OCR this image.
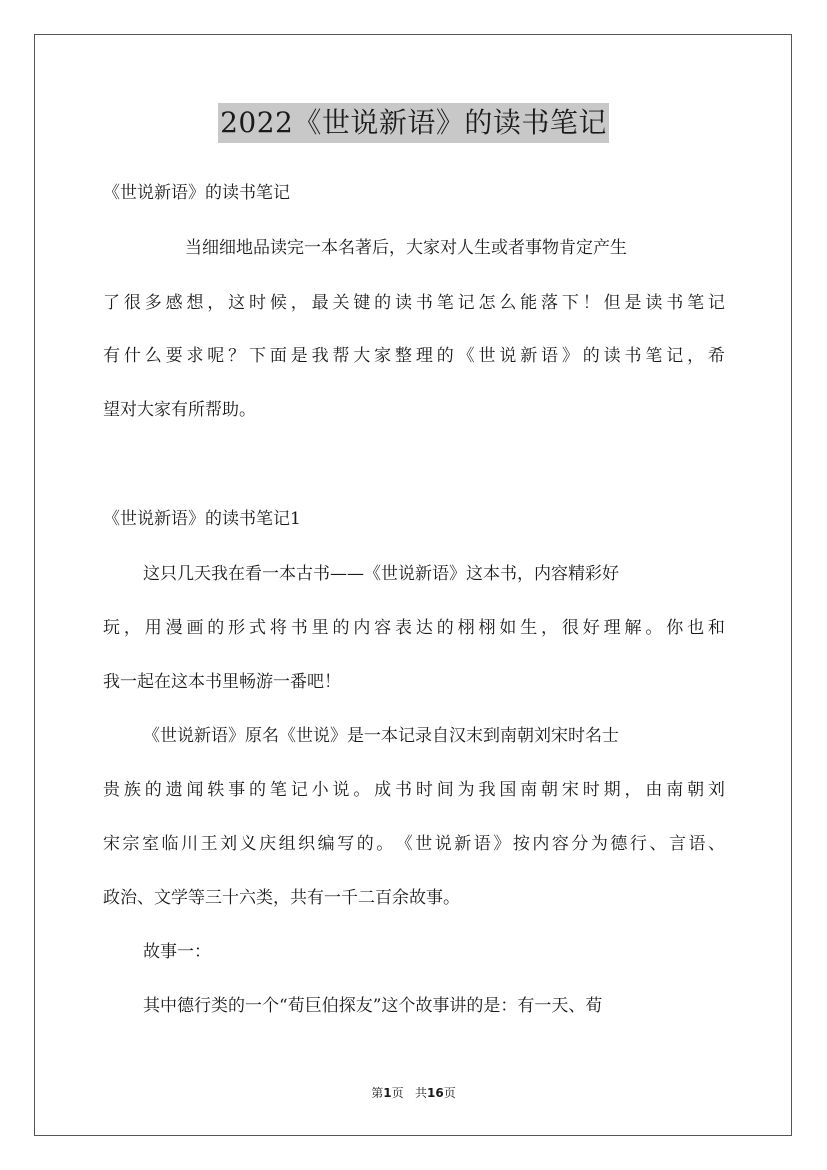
2022《世说新语》的读书笔记
《世说新语》的读书笔记
当细细地品读完一本名著后，大家对人生或者事物肯定产生
了 很 多 感 想 ， 这 时 候 ， 最 关 键 的 读 书 笔 记 怎 么 能 落 下 ！ 但 是 读 书 笔 记
有 什 么 要 求 呢 ？ 下 面 是 我 帮 大 家 整 理 的 《 世 说 新 语 》 的 读 书 笔 记 ， 希
望对大家有所帮助。
《世说新语》的读书笔记1
这只几天我在看一本古书——《世说新语》这本书，内容精彩好
玩 ， 用 漫 画 的 形 式 将 书 里 的 内 容 表 达 的 栩 栩 如 生 ， 很 好 理 解 。 你 也 和
我一起在这本书里畅游一番吧！
《世说新语》原名《世说》是一本记录自汉末到南朝刘宋时名士
贵 族 的 遗 闻 轶 事 的 笔 记 小 说 。 成 书 时 间 为 我 国 南 朝 宋 时 期 ， 由 南 朝 刘
宋 宗 室 临 川 王 刘 义 庆 组 织 编 写 的 。 《 世 说 新 语 》 按 内 容 分 为 德 行 、 言 语 、
政治、文学等三十六类，共有一千二百余故事。
故事一：
其中德行类的一个“荀巨伯探友”这个故事讲的是：有一天、荀
第1页   共16页
